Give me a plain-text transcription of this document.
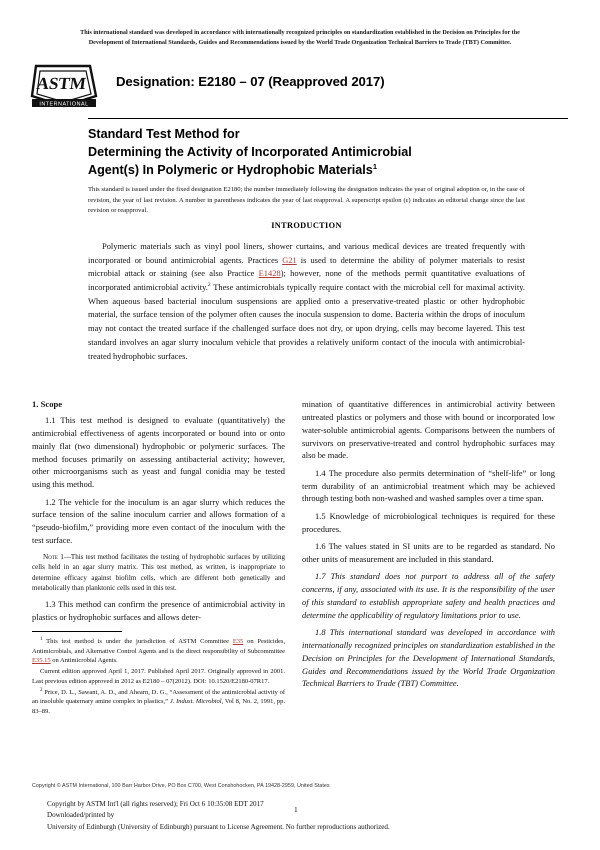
This international standard was developed in accordance with internationally recognized principles on standardization established in the Decision on Principles for the
Development of International Standards, Guides and Recommendations issued by the World Trade Organization Technical Barriers to Trade (TBT) Committee.
ASTM
INTERNATIONAL
Designation: E2180 – 07 (Reapproved 2017)
Standard Test Method for
Determining the Activity of Incorporated Antimicrobial
Agent(s) In Polymeric or Hydrophobic Materials$^1$
This standard is issued under the fixed designation E2180; the number immediately following the designation indicates the year of original adoption or, in the case of revision, the year of last revision. A number in parentheses indicates the year of last reapproval. A superscript epsilon (ε) indicates an editorial change since the last revision or reapproval.
INTRODUCTION
Polymeric materials such as vinyl pool liners, shower curtains, and various medical devices are treated frequently with incorporated or bound antimicrobial agents. Practices G21 is used to determine the ability of polymer materials to resist microbial attack or staining (see also Practice E1428); however, none of the methods permit quantitative evaluations of incorporated antimicrobial activity.$^2$ These antimicrobials typically require contact with the microbial cell for maximal activity. When aqueous based bacterial inoculum suspensions are applied onto a preservative-treated plastic or other hydrophobic material, the surface tension of the polymer often causes the inocula suspension to dome. Bacteria within the drops of inoculum may not contact the treated surface if the challenged surface does not dry, or upon drying, cells may become layered. This test standard involves an agar slurry inoculum vehicle that provides a relatively uniform contact of the inocula with antimicrobial-treated hydrophobic surfaces.
1. Scope

1.1 This test method is designed to evaluate (quantitatively) the antimicrobial effectiveness of agents incorporated or bound into or onto mainly flat (two dimensional) hydrophobic or polymeric surfaces. The method focuses primarily on assessing antibacterial activity; however, other microorganisms such as yeast and fungal conidia may be tested using this method.

1.2 The vehicle for the inoculum is an agar slurry which reduces the surface tension of the saline inoculum carrier and allows formation of a “pseudo-biofilm,” providing more even contact of the inoculum with the test surface.

Note 1—This test method facilitates the testing of hydrophobic surfaces by utilizing cells held in an agar slurry matrix. This test method, as written, is inappropriate to determine efficacy against biofilm cells, which are different both genetically and metabolically than planktonic cells used in this test.

1.3 This method can confirm the presence of antimicrobial activity in plastics or hydrophobic surfaces and allows deter-

mination of quantitative differences in antimicrobial activity between untreated plastics or polymers and those with bound or incorporated low water-soluble antimicrobial agents. Comparisons between the numbers of survivors on preservative-treated and control hydrophobic surfaces may also be made.

1.4 The procedure also permits determination of “shelf-life” or long term durability of an antimicrobial treatment which may be achieved through testing both non-washed and washed samples over a time span.

1.5 Knowledge of microbiological techniques is required for these procedures.

1.6 The values stated in SI units are to be regarded as standard. No other units of measurement are included in this standard.

1.7 This standard does not purport to address all of the safety concerns, if any, associated with its use. It is the responsibility of the user of this standard to establish appropriate safety and health practices and determine the applicability of regulatory limitations prior to use.

1.8 This international standard was developed in accordance with internationally recognized principles on standardization established in the Decision on Principles for the Development of International Standards, Guides and Recommendations issued by the World Trade Organization Technical Barriers to Trade (TBT) Committee.

$^1$ This test method is under the jurisdiction of ASTM Committee E35 on Pesticides, Antimicrobials, and Alternative Control Agents and is the direct responsibility of Subcommittee E35.15 on Antimicrobial Agents.

Current edition approved April 1, 2017. Published April 2017. Originally approved in 2001. Last previous edition approved in 2012 as E2180 – 07(2012). DOI: 10.1520/E2180-07R17.

$^2$ Price, D. L., Sawant, A. D., and Ahearn, D. G., “Assessment of the antimicrobial activity of an insoluble quaternary amine complex in plastics,” J. Indust. Microbiol, Vol 8, No. 2, 1991, pp. 83–89.

Copyright © ASTM International, 100 Barr Harbor Drive, PO Box C700, West Conshohocken, PA 19428-2959, United States
Copyright by ASTM Int'l (all rights reserved); Fri Oct 6 10:35:08 EDT 2017
Downloaded/printed by
University of Edinburgh (University of Edinburgh) pursuant to License Agreement. No further reproductions authorized.
1
